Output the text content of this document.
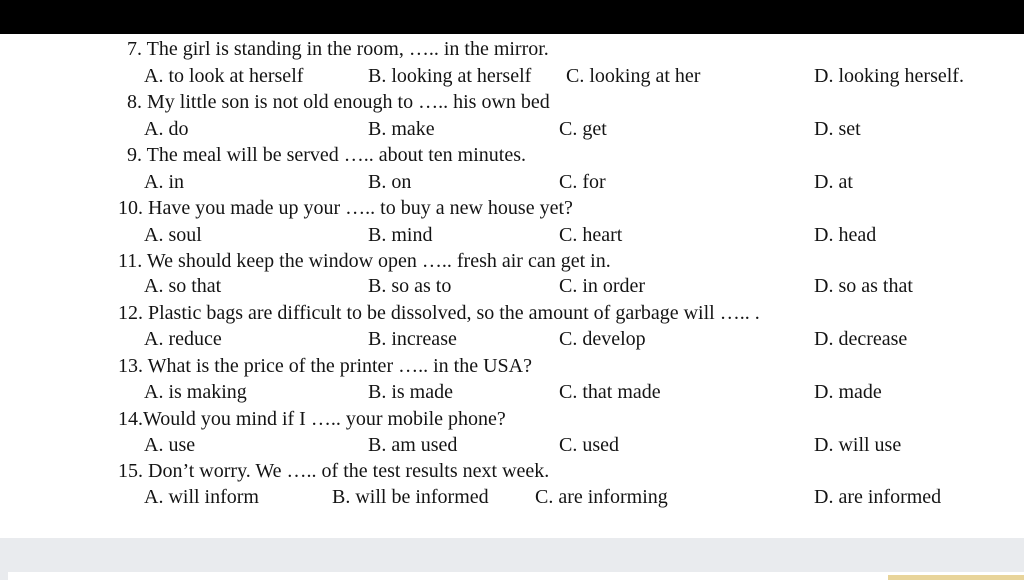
7. The girl is standing in the room, ….. in the mirror.
A. to look at herself	B. looking at herself C. looking at her	D. looking herself.
8. My little son is not old enough to ….. his own bed
A. do	B. make	C. get	D. set
9. The meal will be served ….. about ten minutes.
A. in	B. on	C. for	D. at
10. Have you made up your ….. to buy a new house yet?
A. soul	B. mind	C. heart	D. head
11. We should keep the window open ….. fresh air can get in.
A. so that	B. so as to	C. in order	D. so as that
12. Plastic bags are difficult to be dissolved, so the amount of garbage will ….. .
A. reduce	B. increase	C. develop	D. decrease
13. What is the price of the printer ….. in the USA?
A. is making	B. is made	C. that made	D. made
14.Would you mind if I ….. your mobile phone?
A. use	B. am used	C. used	D. will use
15. Don’t worry. We ….. of the test results next week.
A. will inform	B. will be informed C. are informing	D. are informed
